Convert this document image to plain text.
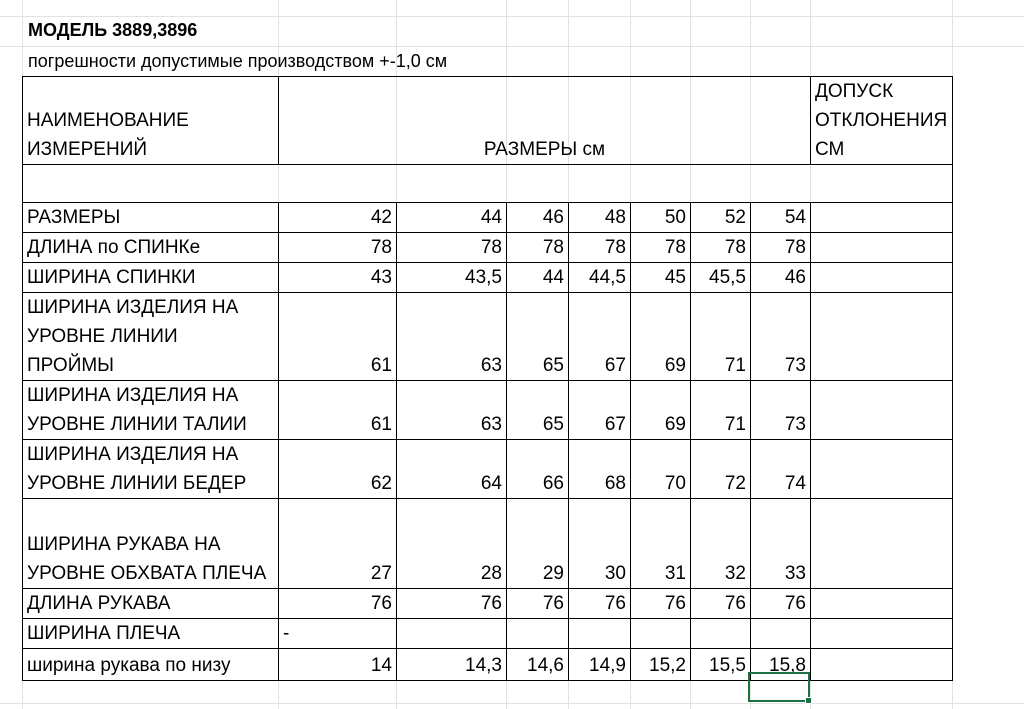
МОДЕЛЬ 3889,3896
погрешности допустимые производством +-1,0 см
НАИМЕНОВАНИЕ
ИЗМЕРЕНИЙ	РАЗМЕРЫ см							ДОПУСК
ОТКЛОНЕНИЯ
СМ

РАЗМЕРЫ	42	44	46	48	50	52	54	

ДЛИНА по СПИНКе	78	78	78	78	78	78	78	

ШИРИНА СПИНКИ	43	43,5	44	44,5	45	45,5	46	

ШИРИНА ИЗДЕЛИЯ НА
УРОВНЕ ЛИНИИ
ПРОЙМЫ	61	63	65	67	69	71	73	

ШИРИНА ИЗДЕЛИЯ НА
УРОВНЕ ЛИНИИ ТАЛИИ	61	63	65	67	69	71	73	

ШИРИНА ИЗДЕЛИЯ НА
УРОВНЕ ЛИНИИ БЕДЕР	62	64	66	68	70	72	74	

ШИРИНА РУКАВА НА
УРОВНЕ ОБХВАТА ПЛЕЧА	27	28	29	30	31	32	33	

ДЛИНА РУКАВА	76	76	76	76	76	76	76	

ШИРИНА ПЛЕЧА	-							

ширина рукава по низу	14	14,3	14,6	14,9	15,2	15,5	15,8	
